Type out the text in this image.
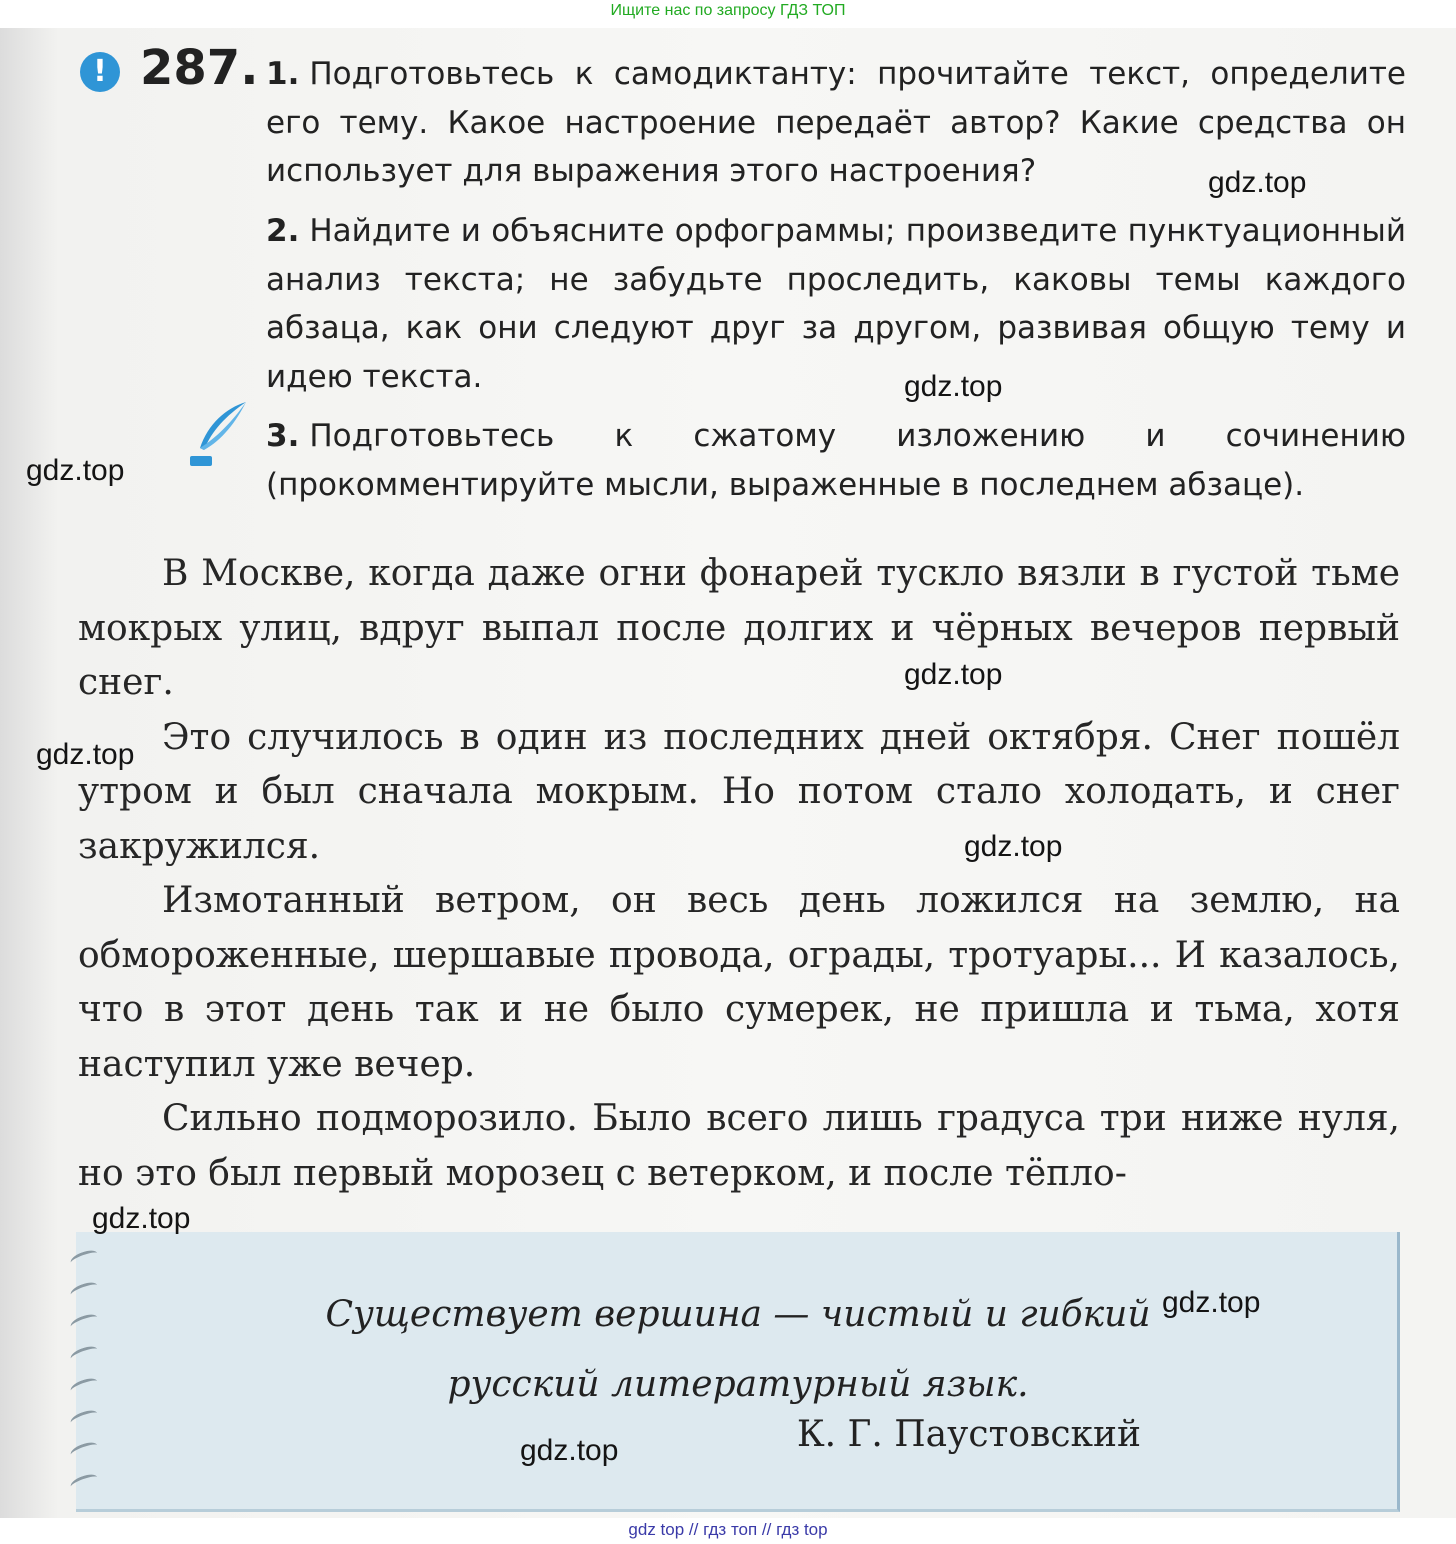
Ищите нас по запросу ГДЗ ТОП
! 287. 1. Подготовьтесь к самодиктанту: прочитайте текст, определите его тему. Какое настроение передаёт автор? Какие средства он использует для выражения этого настроения?
2. Найдите и объясните орфограммы; произведите пунктуационный анализ текста; не забудьте проследить, каковы темы каждого абзаца, как они следуют друг за другом, развивая общую тему и идею текста.
3. Подготовьтесь к сжатому изложению и сочинению (прокомментируйте мысли, выраженные в последнем абзаце).

В Москве, когда даже огни фонарей тускло вязли в густой тьме мокрых улиц, вдруг выпал после долгих и чёрных вечеров первый снег.

Это случилось в один из последних дней октября. Снег пошёл утром и был сначала мокрым. Но потом стало холодать, и снег закружился.

Измотанный ветром, он весь день ложился на землю, на обмороженные, шершавые провода, ограды, тротуары... И казалось, что в этот день так и не было сумерек, не пришла и тьма, хотя наступил уже вечер.

Сильно подморозило. Было всего лишь градуса три ниже нуля, но это был первый морозец с ветерком, и после тёпло-

Существует вершина — чистый и гибкий
русский литературный язык.
К. Г. Паустовский
gdz.top
gdz.top
gdz.top
gdz.top
gdz.top
gdz.top
gdz.top
gdz.top
gdz.top
gdz top // гдз топ // гдз top
